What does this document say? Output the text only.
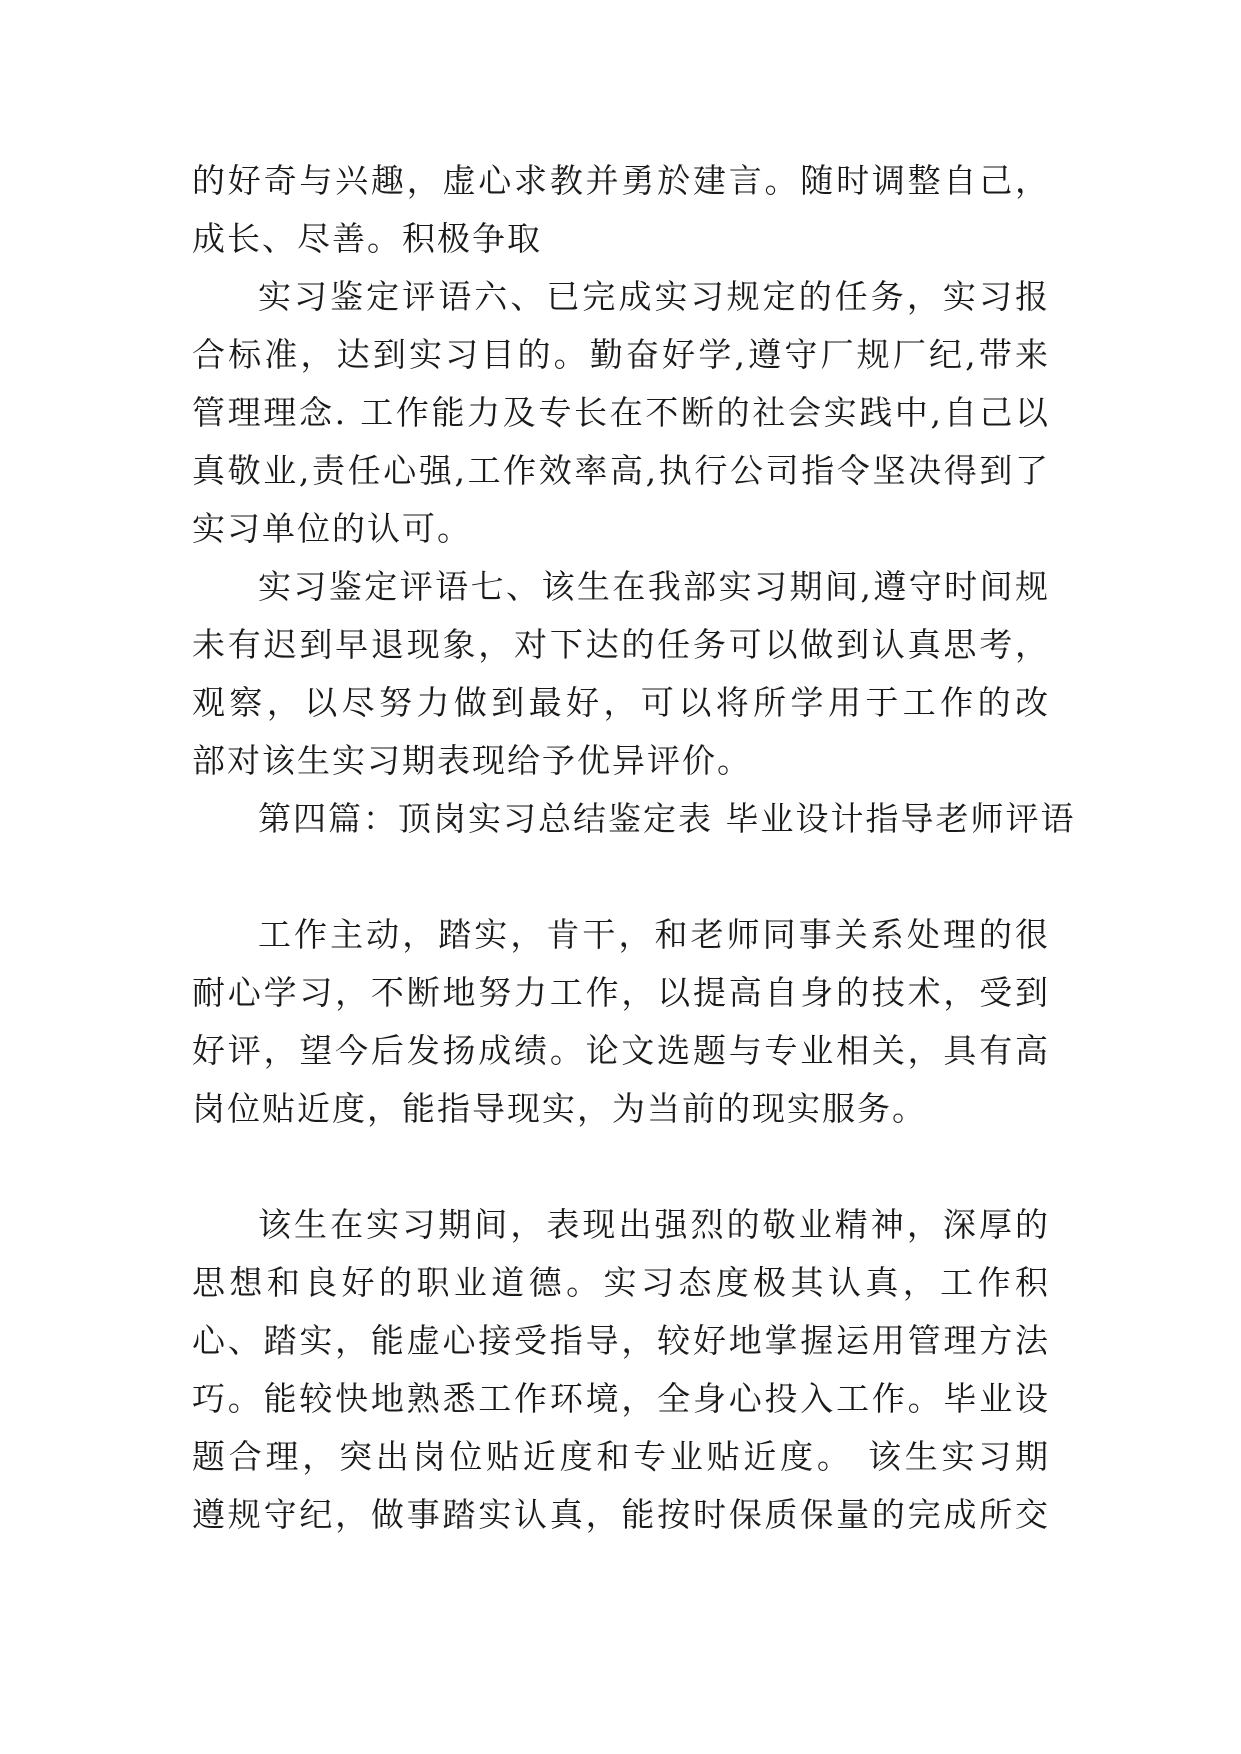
的好奇与兴趣，虚心求教并勇於建言。随时调整自己，
成长、尽善。积极争取
实习鉴定评语六、已完成实习规定的任务，实习报
合标准，达到实习目的。勤奋好学,遵守厂规厂纪,带来
管理理念. 工作能力及专长在不断的社会实践中,自己以
真敬业,责任心强,工作效率高,执行公司指令坚决得到了
实习单位的认可。
实习鉴定评语七、该生在我部实习期间,遵守时间规
未有迟到早退现象，对下达的任务可以做到认真思考，
观察，以尽努力做到最好，可以将所学用于工作的改
部对该生实习期表现给予优异评价。
第四篇：顶岗实习总结鉴定表 毕业设计指导老师评语
工作主动，踏实，肯干，和老师同事关系处理的很
耐心学习，不断地努力工作，以提高自身的技术，受到
好评，望今后发扬成绩。论文选题与专业相关，具有高
岗位贴近度，能指导现实，为当前的现实服务。
该生在实习期间，表现出强烈的敬业精神，深厚的
思想和良好的职业道德。实习态度极其认真，工作积
心、踏实，能虚心接受指导，较好地掌握运用管理方法
巧。能较快地熟悉工作环境，全身心投入工作。毕业设
题合理，突出岗位贴近度和专业贴近度。 该生实习期
遵规守纪，做事踏实认真，能按时保质保量的完成所交
